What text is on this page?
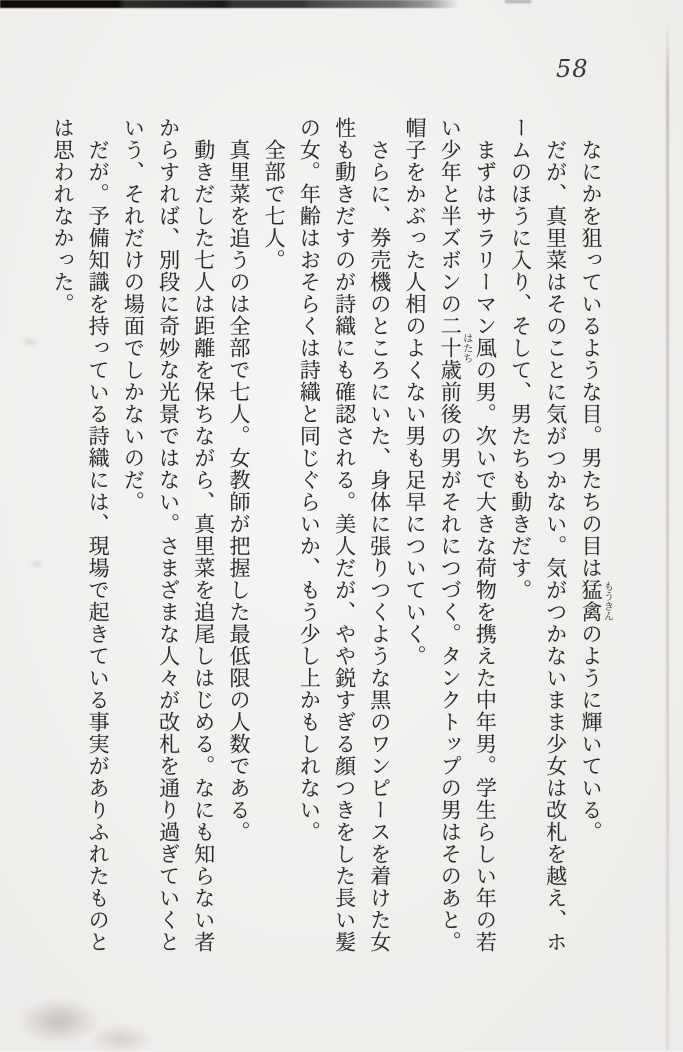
58

なにかを狙っているような目。男たちの目は猛禽もうきんのように輝いている。

だが、真里菜はそのことに気がつかない。気がつかないまま少女は改札を越え、ホームのほうに入り、そして、男たちも動きだす。

まずはサラリーマン風の男。次いで大きな荷物を携えた中年男。学生らしい年の若い少年と半ズボンの二十歳はたち前後の男がそれにつづく。タンクトップの男はそのあと。帽子をかぶった人相のよくない男も足早についていく。

さらに、券売機のところにいた、身体に張りつくような黒のワンピースを着けた女性も動きだすのが詩織にも確認される。美人だが、やや鋭すぎる顔つきをした長い髪の女。年齢はおそらくは詩織と同じぐらいか、もう少し上かもしれない。

全部で七人。

真里菜を追うのは全部で七人。女教師が把握した最低限の人数である。

動きだした七人は距離を保ちながら、真里菜を追尾しはじめる。なにも知らない者からすれば、別段に奇妙な光景ではない。さまざまな人々が改札を通り過ぎていくという、それだけの場面でしかないのだ。

だが。予備知識を持っている詩織には、現場で起きている事実がありふれたものとは思われなかった。
